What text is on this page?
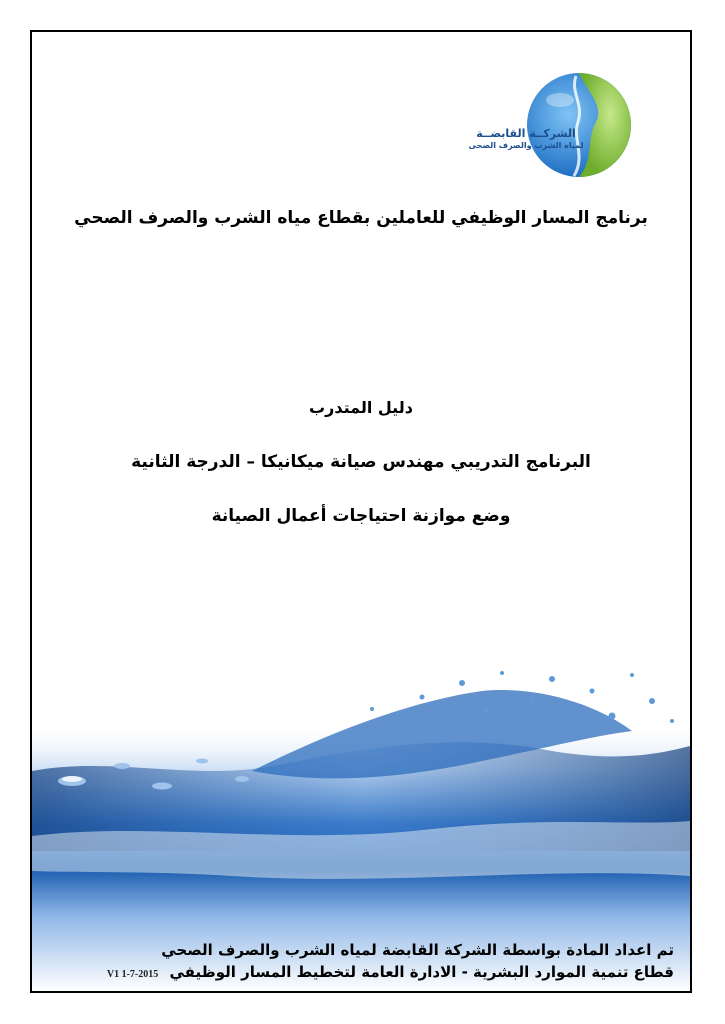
الشركــة القابضــة
لمياه الشرب والصرف الصحى
برنامج المسار الوظيفي للعاملين بقطاع مياه الشرب والصرف الصحي
دليل المتدرب
البرنامج التدريبي مهندس صيانة ميكانيكا – الدرجة الثانية
وضع موازنة احتياجات أعمال الصيانة
تم اعداد المادة بواسطة الشركة القابضة لمياه الشرب والصرف الصحي
قطاع تنمية الموارد البشرية - الادارة العامة لتخطيط المسار الوظيفي V1 1-7-2015
